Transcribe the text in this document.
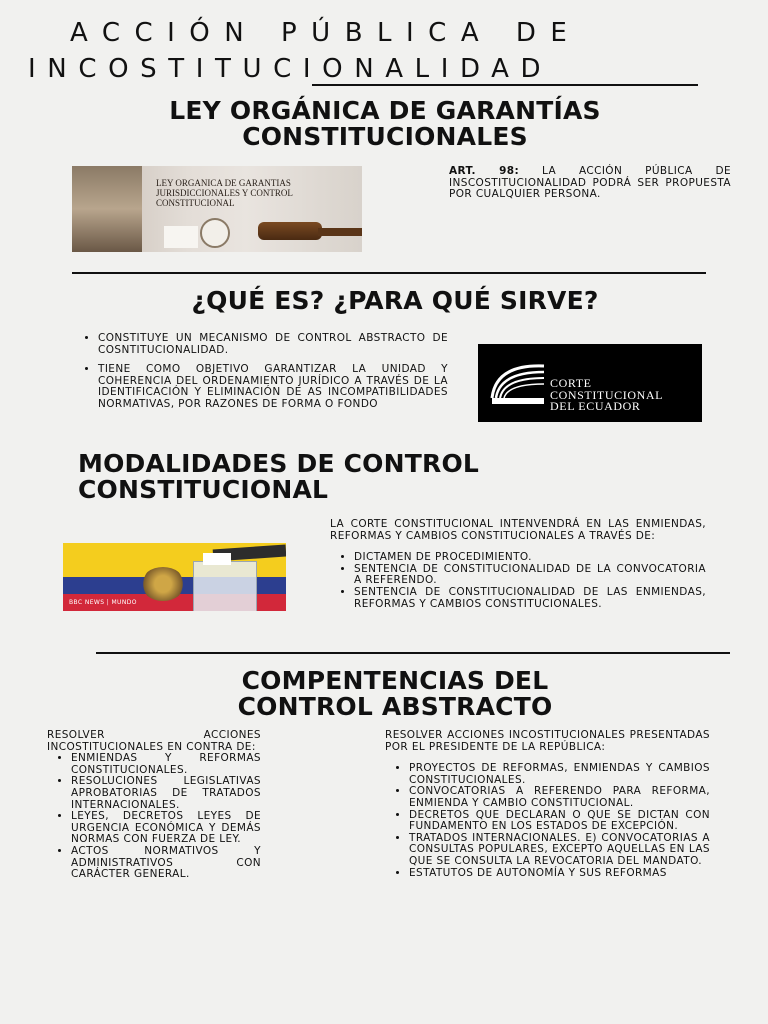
ACCIÓN PÚBLICA DE
INCOSTITUCIONALIDAD
LEY ORGÁNICA DE GARANTÍAS
CONSTITUCIONALES
LEY ORGANICA DE GARANTIAS JURISDICCIONALES Y CONTROL CONSTITUCIONAL
ART. 98: LA ACCIÓN PÚBLICA DE INSCOSTITUCIONALIDAD PODRÁ SER PROPUESTA POR CUALQUIER PERSONA.
¿QUÉ ES? ¿PARA QUÉ SIRVE?
• CONSTITUYE UN MECANISMO DE CONTROL ABSTRACTO DE COSNTITUCIONALIDAD.
• TIENE COMO OBJETIVO GARANTIZAR LA UNIDAD Y COHERENCIA DEL ORDENAMIENTO JURÍDICO A TRAVÉS DE LA IDENTIFICACIÓN Y ELIMINACIÓN DE AS INCOMPATIBILIDADES NORMATIVAS, POR RAZONES DE FORMA O FONDO
CORTE
CONSTITUCIONAL
DEL ECUADOR
MODALIDADES DE CONTROL
CONSTITUCIONAL
LA CORTE CONSTITUCIONAL INTENVENDRÁ EN LAS ENMIENDAS, REFORMAS Y CAMBIOS CONSTITUCIONALES A TRAVÉS DE:
• DICTAMEN DE PROCEDIMIENTO.
• SENTENCIA DE CONSTITUCIONALIDAD DE LA CONVOCATORIA A REFERENDO.
• SENTENCIA DE CONSTITUCIONALIDAD DE LAS ENMIENDAS, REFORMAS Y CAMBIOS CONSTITUCIONALES.
BBC NEWS | MUNDO
COMPENTENCIAS DEL
CONTROL ABSTRACTO
RESOLVER ACCIONES INCOSTITUCIONALES EN CONTRA DE:
• ENMIENDAS Y REFORMAS CONSTITUCIONALES.
• RESOLUCIONES LEGISLATIVAS APROBATORIAS DE TRATADOS INTERNACIONALES.
• LEYES, DECRETOS LEYES DE URGENCIA ECONÓMICA Y DEMÁS NORMAS CON FUERZA DE LEY.
• ACTOS NORMATIVOS Y ADMINISTRATIVOS CON CARÁCTER GENERAL.
RESOLVER ACCIONES INCOSTITUCIONALES PRESENTADAS POR EL PRESIDENTE DE LA REPÚBLICA:
• PROYECTOS DE REFORMAS, ENMIENDAS Y CAMBIOS CONSTITUCIONALES.
• CONVOCATORIAS A REFERENDO PARA REFORMA, ENMIENDA Y CAMBIO CONSTITUCIONAL.
• DECRETOS QUE DECLARAN O QUE SE DICTAN CON FUNDAMENTO EN LOS ESTADOS DE EXCEPCIÓN.
• TRATADOS INTERNACIONALES. E) CONVOCATORIAS A CONSULTAS POPULARES, EXCEPTO AQUELLAS EN LAS QUE SE CONSULTA LA REVOCATORIA DEL MANDATO.
• ESTATUTOS DE AUTONOMÍA Y SUS REFORMAS
